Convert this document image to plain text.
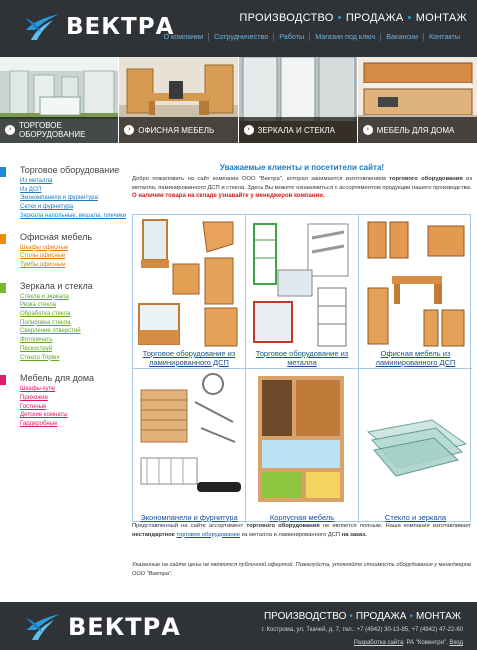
ВЕКТРА	ПРОИЗВОДСТВО • ПРОДАЖА • МОНТАЖ
О компании	Сотрудничество	Работы	Магазин под ключ	Вакансии	Контакты
› ТОРГОВОЕ
ОБОРУДОВАНИЕ
› ОФИСНАЯ МЕБЕЛЬ	› ЗЕРКАЛА И СТЕКЛА	› МЕБЕЛЬ ДЛЯ ДОМА
Торговое оборудование
Из металла
Из ДСП
Экономпанели и фурнитура
Сетки и фурнитура
Зеркала напольные, вешала, плечики
Офисная мебель
Шкафы офисные
Столы офисные
Тумбы офисные
Зеркала и стекла
Стекла и зеркала
Резка стекла
Обработка стекла
Полировка стекла
Сверление отверстий
Фотопечать
Пескоструй
Стекло Triplex
Мебель для дома
Шкафы-купе
Прихожие
Гостиные
Детские комнаты
Гардеробные
Уважаемые клиенты и посетители сайта!

Добро пожаловать на сайт компании ООО "Вектра", которая занимается изготовлением торгового оборудования из металла, ламинированного ДСП и стекла. Здесь Вы можете ознакомиться с ассортиментом продукции нашего производства.

О наличии товара на складе узнавайте у менеджеров компании.

Торговое оборудование из ламинированного ДСП
Торговое оборудование из металла
Офисная мебель из ламинированного ДСП
Экономпанели и фурнитура	Корпусная мебель	Стекло и зеркала

Представленный на сайте ассортимент торгового оборудования не является полным. Наша компания изготавливает нестандартное торговое оборудование из металла и ламинированного ДСП на заказ.

Указанные на сайте цены не являются публичной офертой. Пожалуйста, уточняйте стоимость оборудования у менеджеров ООО "Вектра".

ВЕКТРА	ПРОИЗВОДСТВО • ПРОДАЖА • МОНТАЖ
г. Кострома, ул. Ткачей, д. 7, тел.: +7 (4942) 30-13-85, +7 (4942) 47-22-60
Разработка сайта: РА "Ковентри". Вход
